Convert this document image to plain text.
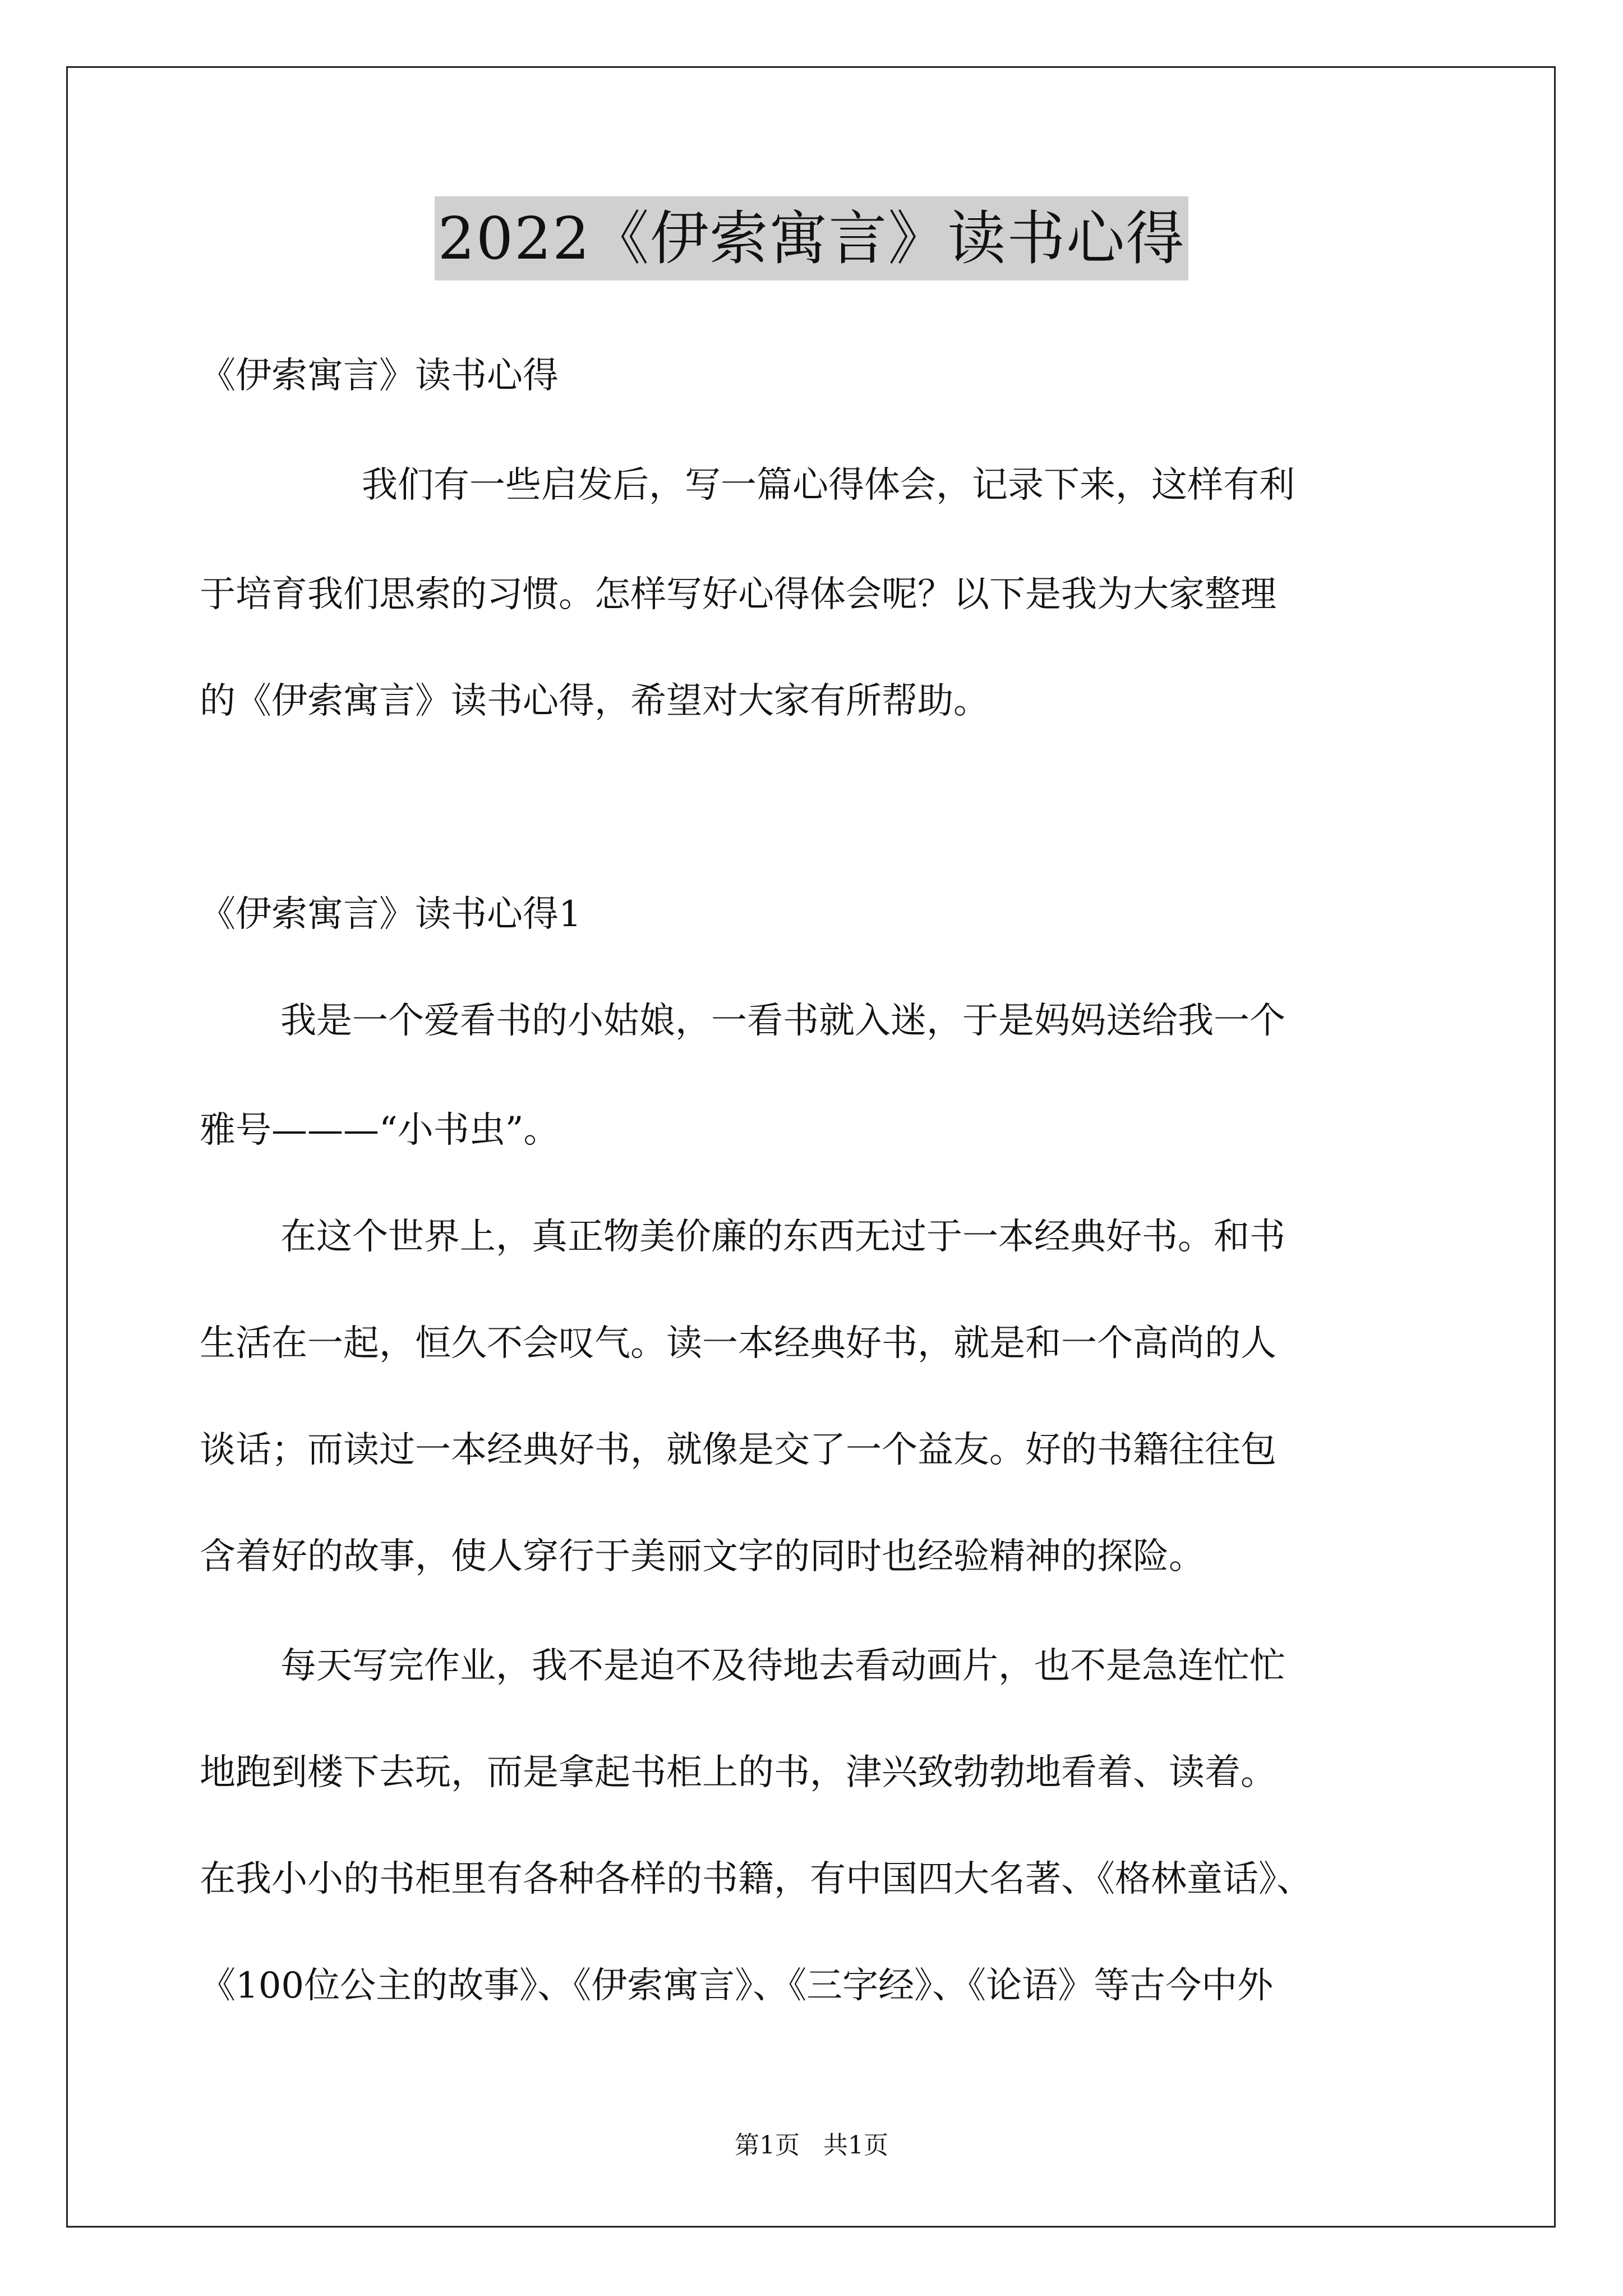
2022《伊索寓言》读书心得
《伊索寓言》读书心得
我们有一些启发后，写一篇心得体会，记录下来，这样有利
于培育我们思索的习惯。怎样写好心得体会呢？以下是我为大家整理
的《伊索寓言》读书心得，希望对大家有所帮助。
《伊索寓言》读书心得1
我是一个爱看书的小姑娘，一看书就入迷，于是妈妈送给我一个
雅号———“小书虫”。
在这个世界上，真正物美价廉的东西无过于一本经典好书。和书
生活在一起，恒久不会叹气。读一本经典好书，就是和一个高尚的人
谈话；而读过一本经典好书，就像是交了一个益友。好的书籍往往包
含着好的故事，使人穿行于美丽文字的同时也经验精神的探险。
每天写完作业，我不是迫不及待地去看动画片，也不是急连忙忙
地跑到楼下去玩，而是拿起书柜上的书，津兴致勃勃地看着、读着。
在我小小的书柜里有各种各样的书籍，有中国四大名著、《格林童话》、
《100位公主的故事》、《伊索寓言》、《三字经》、《论语》等古今中外
第1页   共1页
